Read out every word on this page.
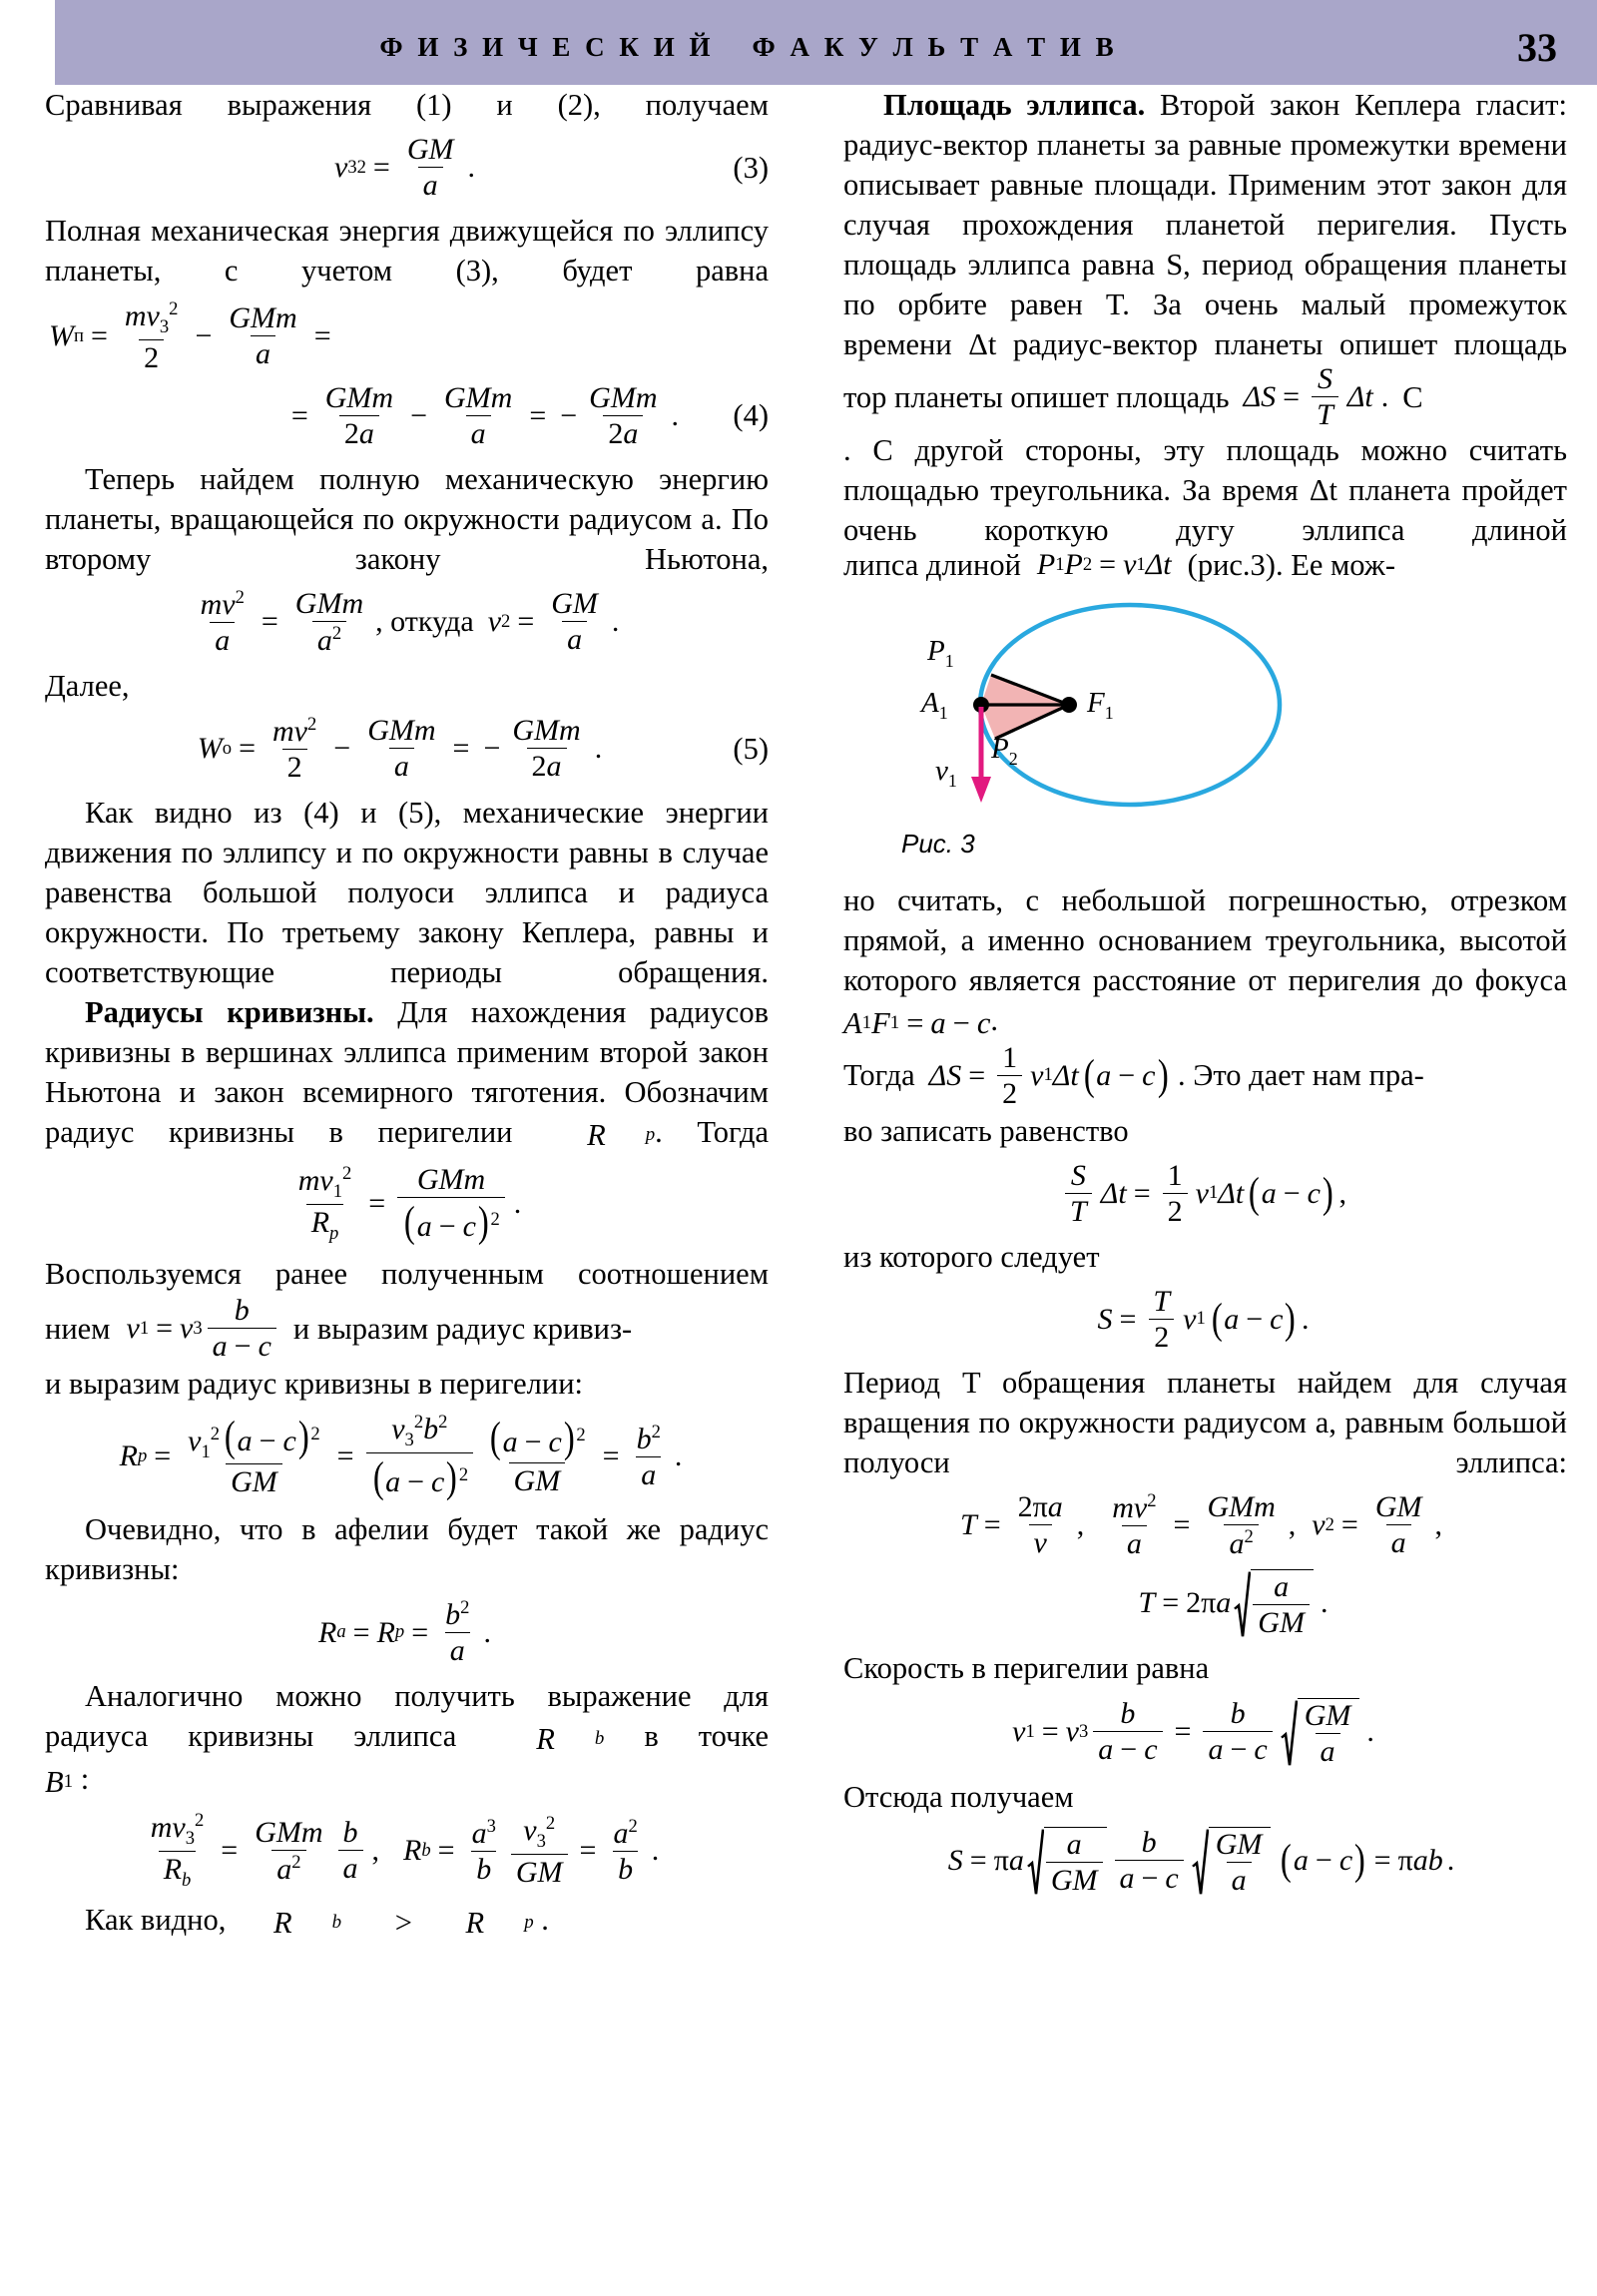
Ф И З И Ч Е С К И Й Ф А К У Л Ь Т А Т И В	33

Сравнивая выражения (1) и (2), получаем

v 3 $2 = \frac{GM}{a}$ .	(3)

Полная механическая энергия движущейся по эллипсу планеты, с учетом (3), будет равна

W $п = \frac{mv_3^2}{2} - \frac{\text{GMm}}{a}$ =
= $\frac{\text{GMm}}{2a} - \frac{\text{GMm}}{a}$ = − $\frac{\text{GMm}}{2a}$ . (4)

Теперь найдем полную механическую энергию планеты, вращающейся по окружности радиусом a. По второму закону Ньютона,

$\frac{mv^2}{a} = \frac{\text{GMm}}{a^2}$ , откуда v $2 = \frac{GM}{a}$ .

Далее,

W $о = \frac{mv^2}{2} - \frac{\text{GMm}}{a}$ = − $\frac{\text{GMm}}{2a}$ .	(5)

Как видно из (4) и (5), механические энергии движения по эллипсу и по окружности равны в случае равенства большой полуоси эллипса и радиуса окружности. По третьему закону Кеплера, равны и соответствующие периоды обращения.

Радиусы кривизны. Для нахождения радиусов кривизны в вершинах эллипса применим второй закон Ньютона и закон всемирного тяготения. Обозначим радиус кривизны в перигелии	R	p . Тогда

$\frac{mv_1^2}{R_p} = \frac{\text{GMm}}{(a - c)^2}$ .

Воспользуемся ранее полученным соотношением

нием v 1 = v $3 \frac{b}{a - c}$ и выразим радиус кривиз-

и выразим радиус кривизны в перигелии:

R $p = \frac{v_1^2 (a - c)^2}{GM} = \frac{v_3^2b^2}{(a - c)^2} \frac{(a - c)^2}{GM} = \frac{b^2}{a}$ .

Очевидно, что в афелии будет такой же радиус кривизны:

R a = R $p = \frac{b^2}{a}$ .

Аналогично можно получить выражение для радиуса кривизны эллипса	R	b в точке

B 1 :

$\frac{mv_3^2}{R_b} = \frac{\text{GMm}}{a^2} \frac{b}{a}$ , R $b = \frac{a^3}{b} \frac{v_3^2}{GM} = \frac{a^2}{b}$ .

Как видно,	R	b >	R	p .

Площадь эллипса. Второй закон Кеплера гласит: радиус-вектор планеты за равные промежутки времени описывает равные площади. Применим этот закон для случая прохождения планетой перигелия. Пусть площадь эллипса равна S, период обращения планеты по орбите равен T. За очень малый промежуток времени Δt радиус-вектор планеты опишет площадь

тор планеты опишет площадь $\Delta S = \frac{S}{T}$ Δt . С

. С другой стороны, эту площадь можно считать площадью треугольника. За время Δt планета пройдет очень короткую дугу эллипса длиной

липса длиной P 1 P 2 = v 1 Δt (рис.3). Ее мож-
$P_1$
$A_1$
$P_2$
$F_1$
$v_1$
Рис. 3

но считать, с небольшой погрешностью, отрезком прямой, а именно основанием треугольника, высотой которого является расстояние от перигелия до фокуса
A 1 F 1 = a − c .

Тогда $\Delta S = \frac{1}{2}$ v 1 Δt ( a − c ) . Это дает нам пра-

во записать равенство

$\frac{S}{T}$ $\Delta t = \frac{1}{2}$ v 1 Δt ( a − c ) ,

из которого следует

$S = \frac{T}{2}$ v 1 ( a − c ) .

Период T обращения планеты найдем для случая вращения по окружности радиусом a, равным большой полуоси эллипса:

$T = \frac{2\pi a}{v}$ , $\frac{mv^2}{a} = \frac{\text{GMm}}{a^2}$ , v $2 = \frac{GM}{a}$ ,
T = 2π a $\frac{a}{GM}$ .

Скорость в перигелии равна

v 1 = v $3 \frac{b}{a - c} = \frac{b}{a - c} \frac{GM}{a}$ .

Отсюда получаем

S = π a $\frac{a}{GM} \frac{b}{a - c} \frac{GM}{a}$ ( a − c ) = π ab .
